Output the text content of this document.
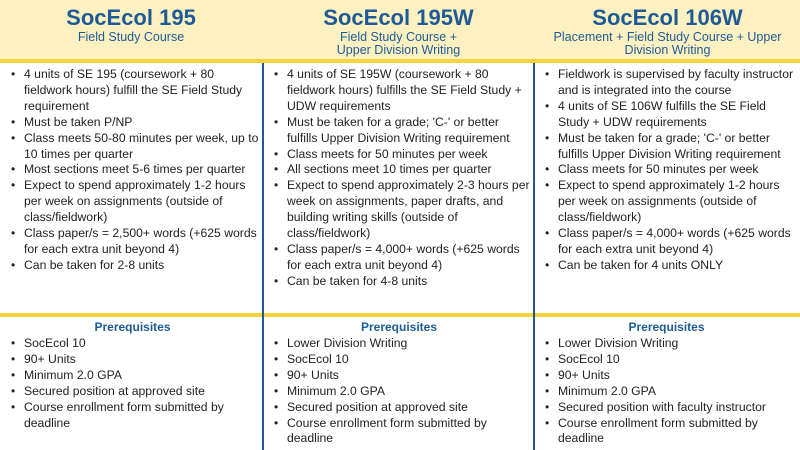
SocEcol 195
Field Study Course
• 4 units of SE 195 (coursework + 80 fieldwork hours) fulfill the SE Field Study requirement
• Must be taken P/NP
• Class meets 50-80 minutes per week, up to 10 times per quarter
• Most sections meet 5-6 times per quarter
• Expect to spend approximately 1-2 hours per week on assignments (outside of class/fieldwork)
• Class paper/s = 2,500+ words (+625 words for each extra unit beyond 4)
• Can be taken for 2-8 units
Prerequisites
• SocEcol 10
• 90+ Units
• Minimum 2.0 GPA
• Secured position at approved site
• Course enrollment form submitted by deadline
SocEcol 195W
Field Study Course + Upper Division Writing
• 4 units of SE 195W (coursework + 80 fieldwork hours) fulfills the SE Field Study + UDW requirements
• Must be taken for a grade; 'C-' or better fulfills Upper Division Writing requirement
• Class meets for 50 minutes per week
• All sections meet 10 times per quarter
• Expect to spend approximately 2-3 hours per week on assignments, paper drafts, and building writing skills (outside of class/fieldwork)
• Class paper/s = 4,000+ words (+625 words for each extra unit beyond 4)
• Can be taken for 4-8 units
Prerequisites
• Lower Division Writing
• SocEcol 10
• 90+ Units
• Minimum 2.0 GPA
• Secured position at approved site
• Course enrollment form submitted by deadline
SocEcol 106W
Placement + Field Study Course + Upper Division Writing
• Fieldwork is supervised by faculty instructor and is integrated into the course
• 4 units of SE 106W fulfills the SE Field Study + UDW requirements
• Must be taken for a grade; 'C-' or better fulfills Upper Division Writing requirement
• Class meets for 50 minutes per week
• Expect to spend approximately 1-2 hours per week on assignments (outside of class/fieldwork)
• Class paper/s = 4,000+ words (+625 words for each extra unit beyond 4)
• Can be taken for 4 units ONLY
Prerequisites
• Lower Division Writing
• SocEcol 10
• 90+ Units
• Minimum 2.0 GPA
• Secured position with faculty instructor
• Course enrollment form submitted by deadline
